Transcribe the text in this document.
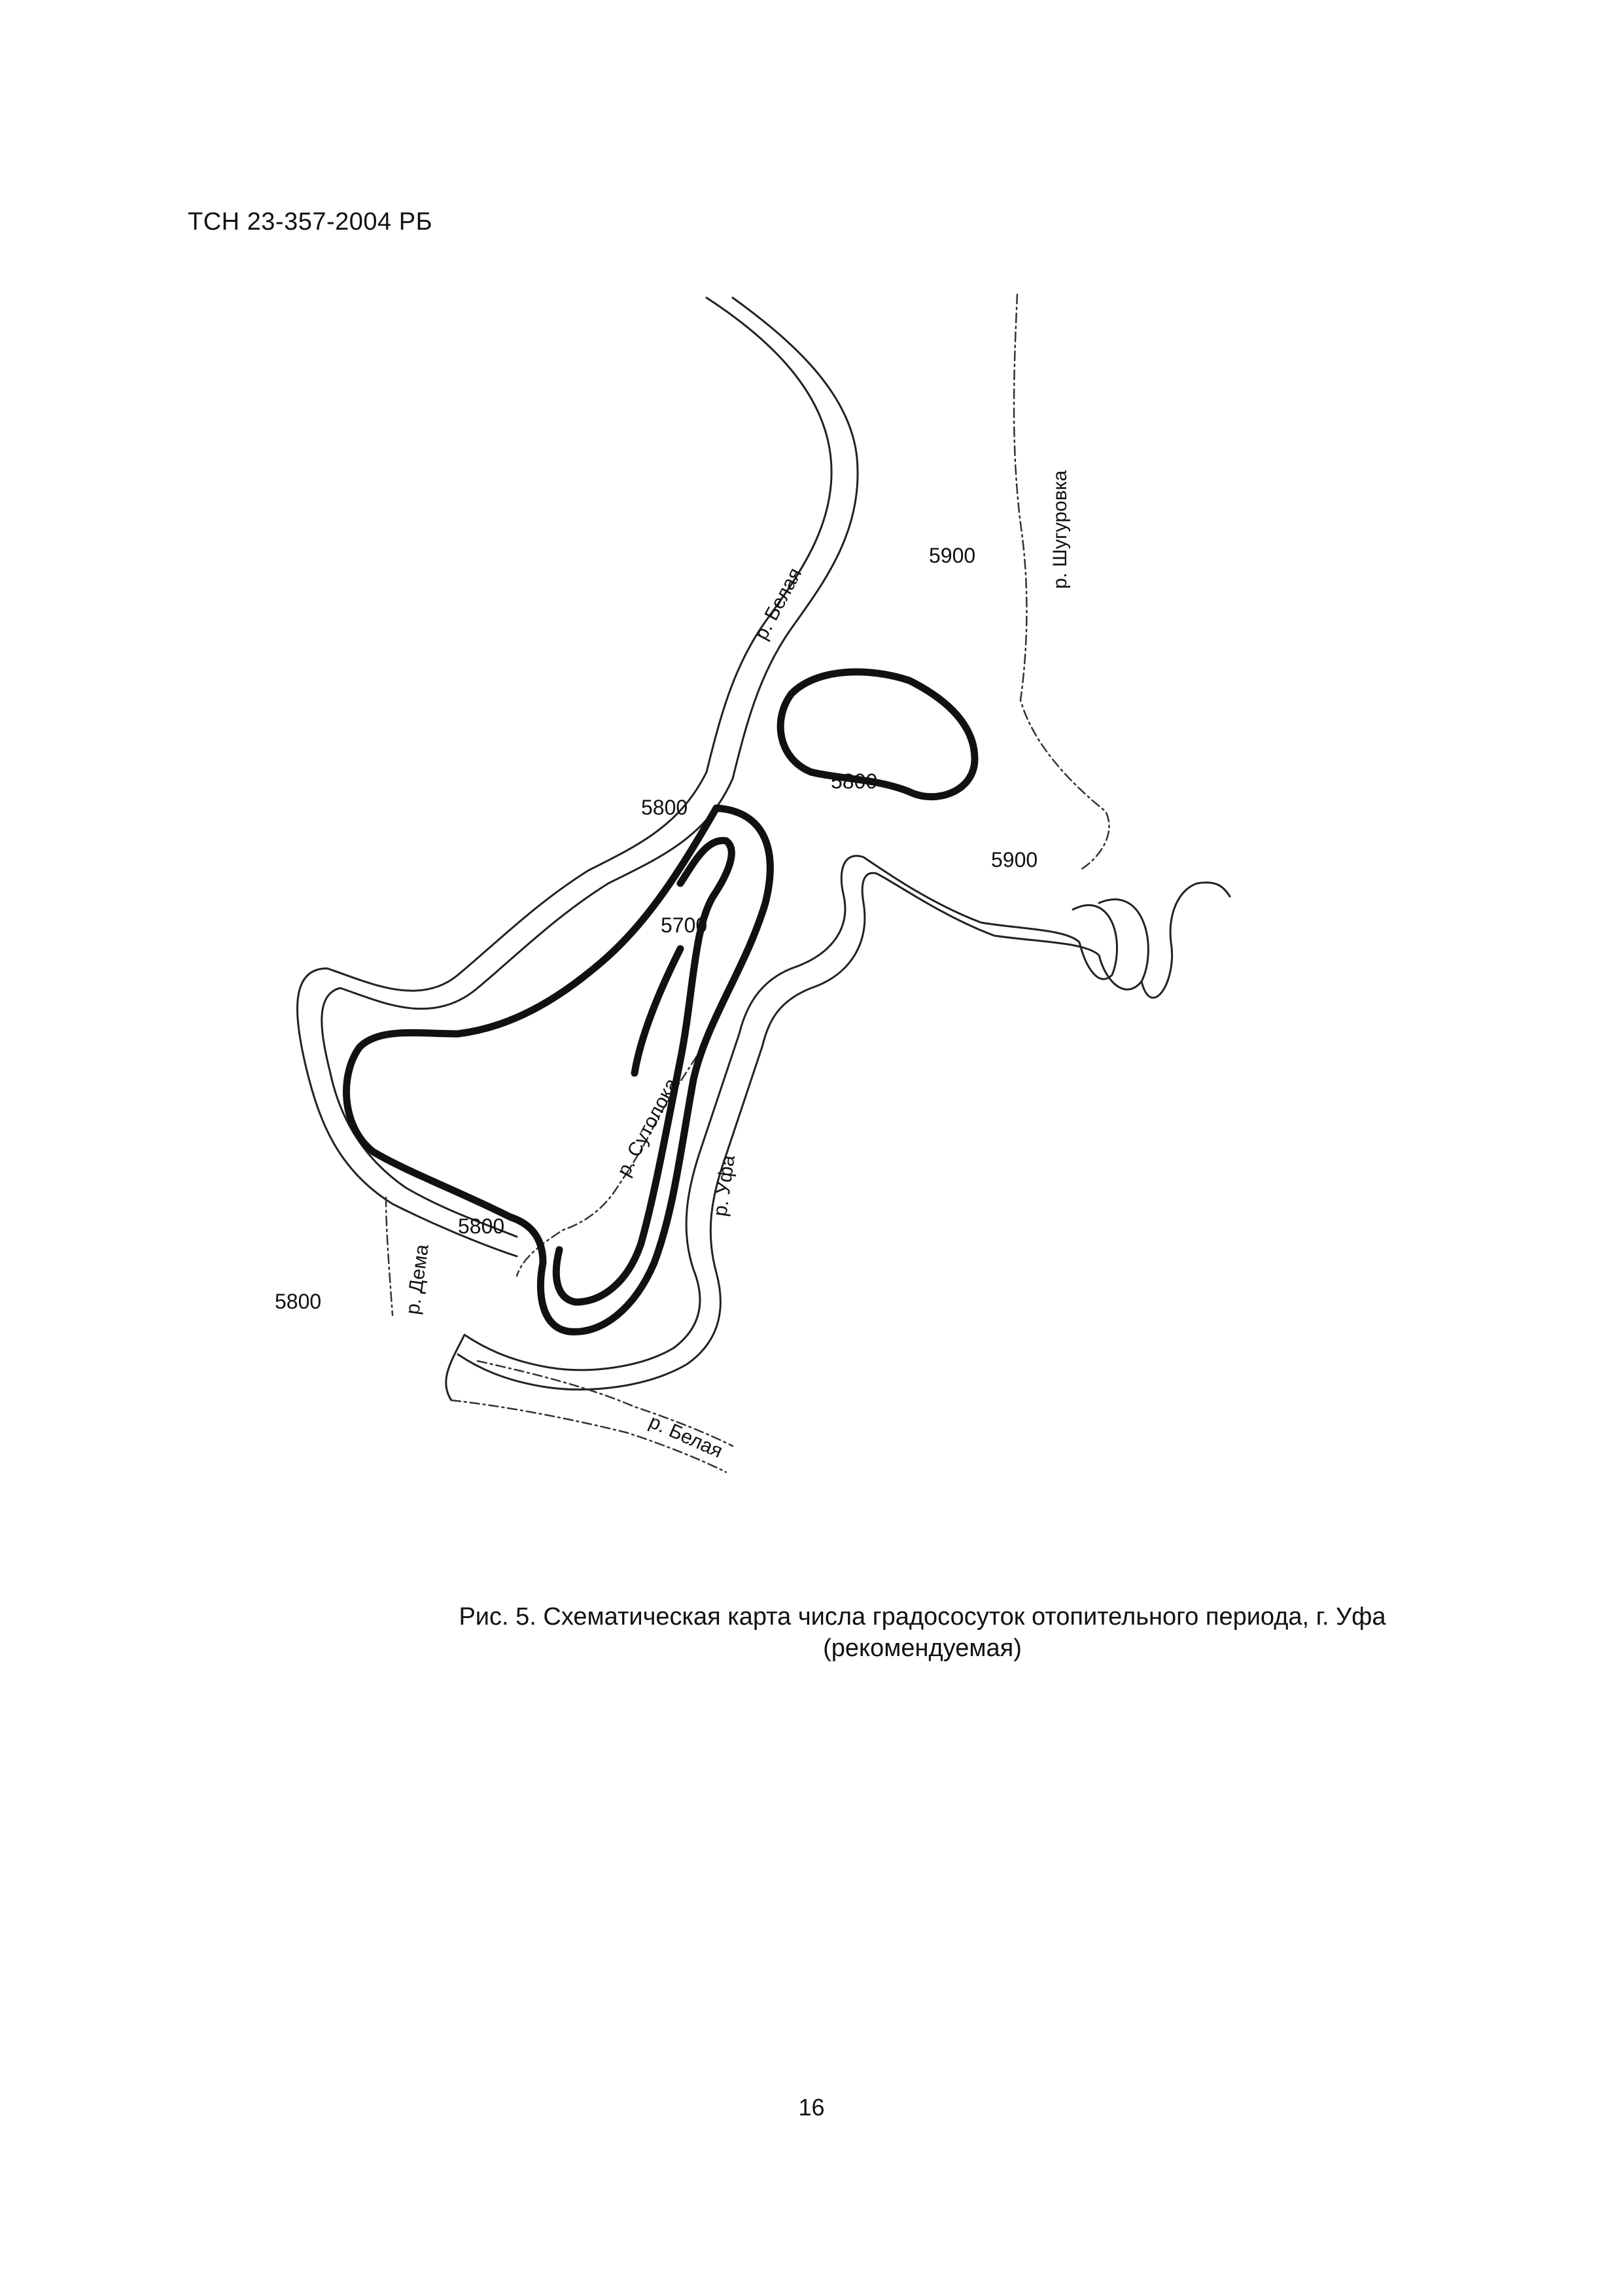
ТСН 23-357-2004 РБ
5900
5900
5800
5800
5700
5800
5800
р. Белая
р. Шугуровка
р. Сутолока
р. Уфа
р. Дема
р. Белая
Рис. 5. Схематическая карта числа градососуток отопительного периода, г. Уфа
(рекомендуемая)
16
